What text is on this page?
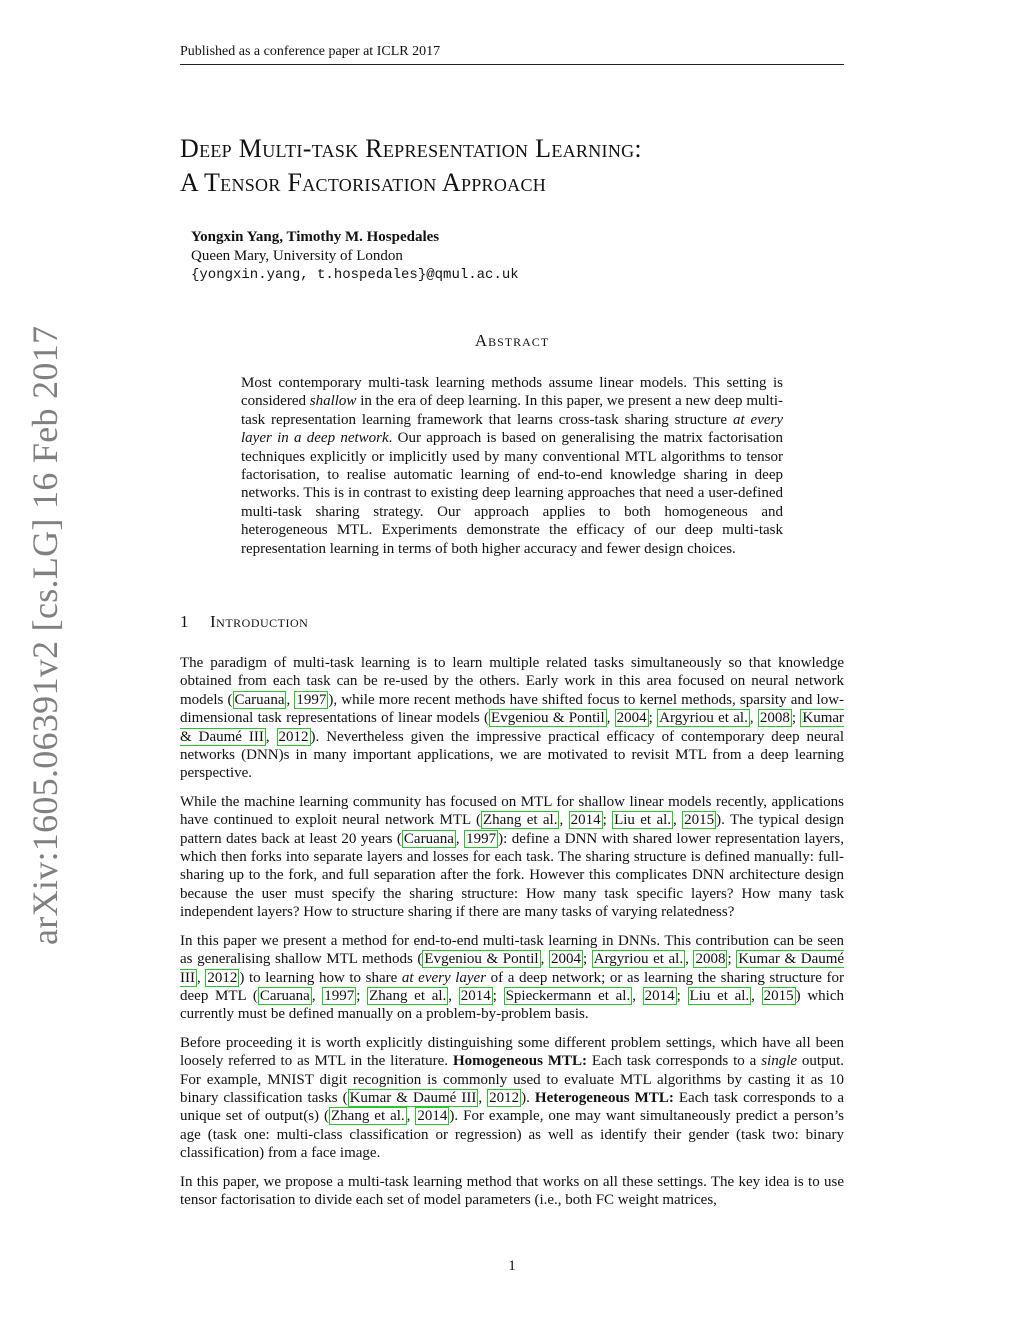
Published as a conference paper at ICLR 2017
Deep Multi-task Representation Learning:
A Tensor Factorisation Approach
Yongxin Yang, Timothy M. Hospedales
Queen Mary, University of London
{yongxin.yang, t.hospedales}@qmul.ac.uk
arXiv:1605.06391v2 [cs.LG] 16 Feb 2017	Abstract
Most contemporary multi-task learning methods assume linear models. This setting is considered shallow in the era of deep learning. In this paper, we present a new deep multi-task representation learning framework that learns cross-task sharing structure at every layer in a deep network. Our approach is based on generalising the matrix factorisation techniques explicitly or implicitly used by many conventional MTL algorithms to tensor factorisation, to realise automatic learning of end-to-end knowledge sharing in deep networks. This is in contrast to existing deep learning approaches that need a user-defined multi-task sharing strategy. Our approach applies to both homogeneous and heterogeneous MTL. Experiments demonstrate the efficacy of our deep multi-task representation learning in terms of both higher accuracy and fewer design choices.
1 Introduction

The paradigm of multi-task learning is to learn multiple related tasks simultaneously so that knowledge obtained from each task can be re-used by the others. Early work in this area focused on neural network models ( Caruana , 1997 ), while more recent methods have shifted focus to kernel methods, sparsity and low-dimensional task representations of linear models ( Evgeniou & Pontil , 2004 ; Argyriou et al. , 2008 ; Kumar & Daumé III , 2012 ). Nevertheless given the impressive practical efficacy of contemporary deep neural networks (DNN)s in many important applications, we are motivated to revisit MTL from a deep learning perspective.

While the machine learning community has focused on MTL for shallow linear models recently, applications have continued to exploit neural network MTL ( Zhang et al. , 2014 ; Liu et al. , 2015 ). The typical design pattern dates back at least 20 years ( Caruana , 1997 ): define a DNN with shared lower representation layers, which then forks into separate layers and losses for each task. The sharing structure is defined manually: full-sharing up to the fork, and full separation after the fork. However this complicates DNN architecture design because the user must specify the sharing structure: How many task specific layers? How many task independent layers? How to structure sharing if there are many tasks of varying relatedness?

In this paper we present a method for end-to-end multi-task learning in DNNs. This contribution can be seen as generalising shallow MTL methods ( Evgeniou & Pontil , 2004 ; Argyriou et al. , 2008 ; Kumar & Daumé III , 2012 ) to learning how to share at every layer of a deep network; or as learning the sharing structure for deep MTL ( Caruana , 1997 ; Zhang et al. , 2014 ; Spieckermann et al. , 2014 ; Liu et al. , 2015 ) which currently must be defined manually on a problem-by-problem basis.

Before proceeding it is worth explicitly distinguishing some different problem settings, which have all been loosely referred to as MTL in the literature. Homogeneous MTL: Each task corresponds to a single output. For example, MNIST digit recognition is commonly used to evaluate MTL algorithms by casting it as 10 binary classification tasks ( Kumar & Daumé III , 2012 ). Heterogeneous MTL: Each task corresponds to a unique set of output(s) ( Zhang et al. , 2014 ). For example, one may want simultaneously predict a person’s age (task one: multi-class classification or regression) as well as identify their gender (task two: binary classification) from a face image.

In this paper, we propose a multi-task learning method that works on all these settings. The key idea is to use tensor factorisation to divide each set of model parameters (i.e., both FC weight matrices,

1
